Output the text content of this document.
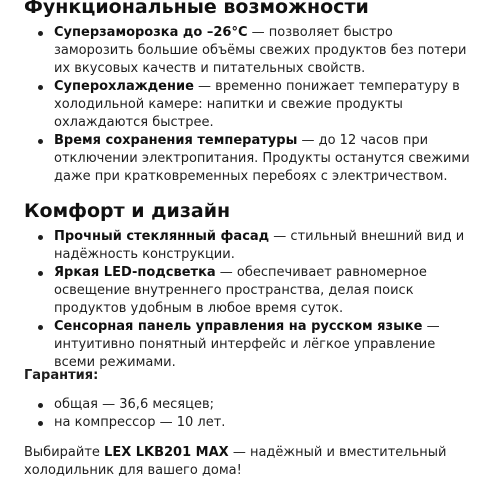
Функциональные возможности
Суперзаморозка до –26°C — позволяет быстро заморозить большие объёмы свежих продуктов без потери их вкусовых качеств и питательных свойств.
Суперохлаждение — временно понижает температуру в холодильной камере: напитки и свежие продукты охлаждаются быстрее.
Время сохранения температуры — до 12 часов при отключении электропитания. Продукты останутся свежими даже при кратковременных перебоях с электричеством.
Комфорт и дизайн
Прочный стеклянный фасад — стильный внешний вид и надёжность конструкции.
Яркая LED-подсветка — обеспечивает равномерное освещение внутреннего пространства, делая поиск продуктов удобным в любое время суток.
Сенсорная панель управления на русском языке — интуитивно понятный интерфейс и лёгкое управление всеми режимами.

Гарантия:

общая — 36,6 месяцев;
на компрессор — 10 лет.

Выбирайте LEX LKB201 MAX — надёжный и вместительный холодильник для вашего дома!
